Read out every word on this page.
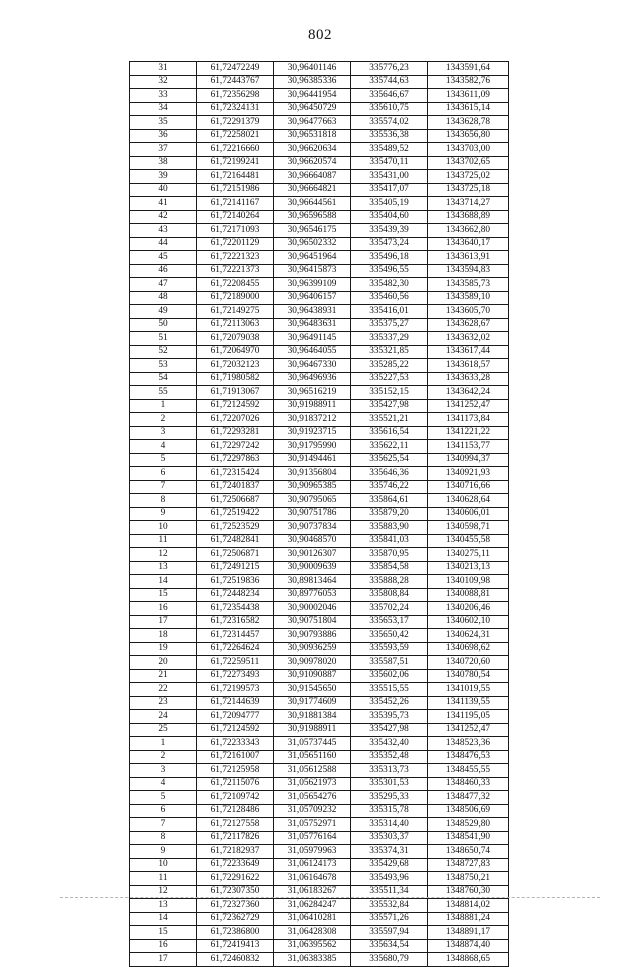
802
31	61,72472249	30,96401146	335776,23	1343591,64
32	61,72443767	30,96385336	335744,63	1343582,76
33	61,72356298	30,96441954	335646,67	1343611,09
34	61,72324131	30,96450729	335610,75	1343615,14
35	61,72291379	30,96477663	335574,02	1343628,78
36	61,72258021	30,96531818	335536,38	1343656,80
37	61,72216660	30,96620634	335489,52	1343703,00
38	61,72199241	30,96620574	335470,11	1343702,65
39	61,72164481	30,96664087	335431,00	1343725,02
40	61,72151986	30,96664821	335417,07	1343725,18
41	61,72141167	30,96644561	335405,19	1343714,27
42	61,72140264	30,96596588	335404,60	1343688,89
43	61,72171093	30,96546175	335439,39	1343662,80
44	61,72201129	30,96502332	335473,24	1343640,17
45	61,72221323	30,96451964	335496,18	1343613,91
46	61,72221373	30,96415873	335496,55	1343594,83
47	61,72208455	30,96399109	335482,30	1343585,73
48	61,72189000	30,96406157	335460,56	1343589,10
49	61,72149275	30,96438931	335416,01	1343605,70
50	61,72113063	30,96483631	335375,27	1343628,67
51	61,72079038	30,96491145	335337,29	1343632,02
52	61,72064970	30,96464055	335321,85	1343617,44
53	61,72032123	30,96467330	335285,22	1343618,57
54	61,71980582	30,96496936	335227,53	1343633,28
55	61,71913067	30,96516219	335152,15	1343642,24
1	61,72124592	30,91988911	335427,98	1341252,47
2	61,72207026	30,91837212	335521,21	1341173,84
3	61,72293281	30,91923715	335616,54	1341221,22
4	61,72297242	30,91795990	335622,11	1341153,77
5	61,72297863	30,91494461	335625,54	1340994,37
6	61,72315424	30,91356804	335646,36	1340921,93
7	61,72401837	30,90965385	335746,22	1340716,66
8	61,72506687	30,90795065	335864,61	1340628,64
9	61,72519422	30,90751786	335879,20	1340606,01
10	61,72523529	30,90737834	335883,90	1340598,71
11	61,72482841	30,90468570	335841,03	1340455,58
12	61,72506871	30,90126307	335870,95	1340275,11
13	61,72491215	30,90009639	335854,58	1340213,13
14	61,72519836	30,89813464	335888,28	1340109,98
15	61,72448234	30,89776053	335808,84	1340088,81
16	61,72354438	30,90002046	335702,24	1340206,46
17	61,72316582	30,90751804	335653,17	1340602,10
18	61,72314457	30,90793886	335650,42	1340624,31
19	61,72264624	30,90936259	335593,59	1340698,62
20	61,72259511	30,90978020	335587,51	1340720,60
21	61,72273493	30,91090887	335602,06	1340780,54
22	61,72199573	30,91545650	335515,55	1341019,55
23	61,72144639	30,91774609	335452,26	1341139,55
24	61,72094777	30,91881384	335395,73	1341195,05
25	61,72124592	30,91988911	335427,98	1341252,47
1	61,72233343	31,05737445	335432,40	1348523,36
2	61,72161007	31,05651160	335352,48	1348476,53
3	61,72125958	31,05612588	335313,73	1348455,55
4	61,72115076	31,05621973	335301,53	1348460,33
5	61,72109742	31,05654276	335295,33	1348477,32
6	61,72128486	31,05709232	335315,78	1348506,69
7	61,72127558	31,05752971	335314,40	1348529,80
8	61,72117826	31,05776164	335303,37	1348541,90
9	61,72182937	31,05979963	335374,31	1348650,74
10	61,72233649	31,06124173	335429,68	1348727,83
11	61,72291622	31,06164678	335493,96	1348750,21
12	61,72307350	31,06183267	335511,34	1348760,30
13	61,72327360	31,06284247	335532,84	1348814,02
14	61,72362729	31,06410281	335571,26	1348881,24
15	61,72386800	31,06428308	335597,94	1348891,17
16	61,72419413	31,06395562	335634,54	1348874,40
17	61,72460832	31,06383385	335680,79	1348868,65
